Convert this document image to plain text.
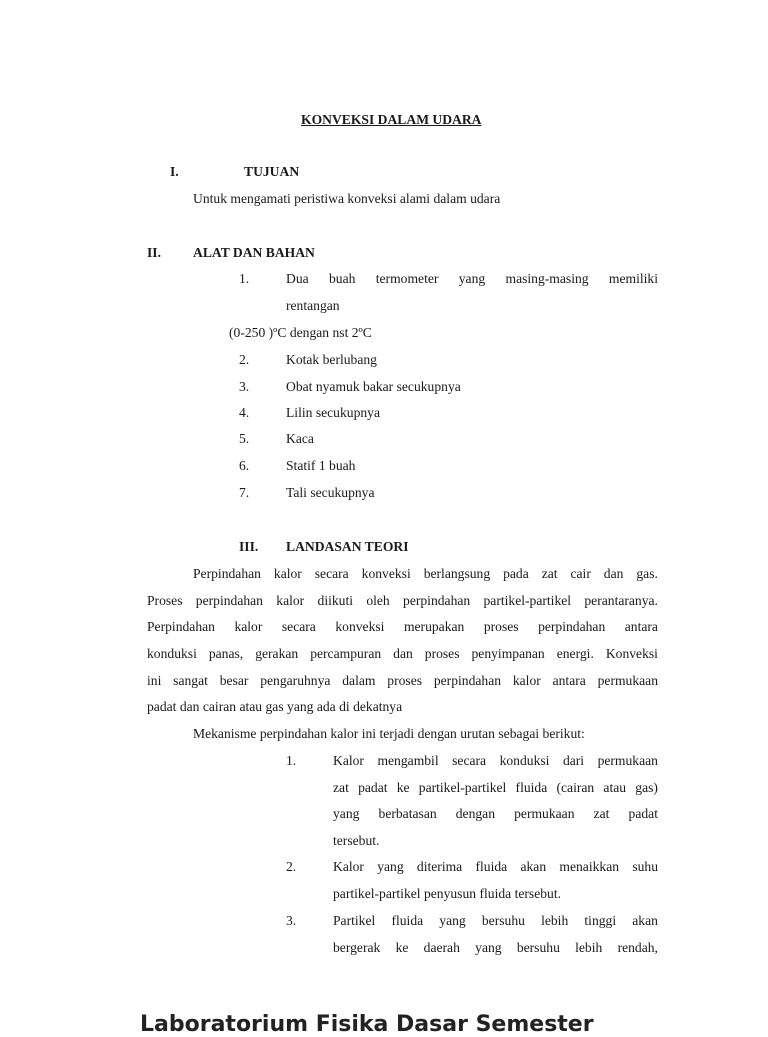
KONVEKSI DALAM UDARA
I.	TUJUAN
Untuk mengamati peristiwa konveksi alami dalam udara
II. ALAT DAN BAHAN
1.	Dua buah termometer yang masing-masing memiliki
rentangan
(0-250 )ºC dengan nst 2ºC
2.	Kotak berlubang
3.	Obat nyamuk bakar secukupnya
4.	Lilin secukupnya
5.	Kaca
6.	Statif 1 buah
7.	Tali secukupnya
III. LANDASAN TEORI
Perpindahan kalor secara konveksi berlangsung pada zat cair dan gas.
Proses perpindahan kalor diikuti oleh perpindahan partikel-partikel perantaranya.
Perpindahan kalor secara konveksi merupakan proses perpindahan antara
konduksi panas, gerakan percampuran dan proses penyimpanan energi. Konveksi
ini sangat besar pengaruhnya dalam proses perpindahan kalor antara permukaan
padat dan cairan atau gas yang ada di dekatnya
Mekanisme perpindahan kalor ini terjadi dengan urutan sebagai berikut:
1.	Kalor mengambil secara konduksi dari permukaan
zat padat ke partikel-partikel fluida (cairan atau gas)
yang berbatasan dengan permukaan zat padat
tersebut.
2.	Kalor yang diterima fluida akan menaikkan suhu
partikel-partikel penyusun fluida tersebut.
3.	Partikel fluida yang bersuhu lebih tinggi akan
bergerak ke daerah yang bersuhu lebih rendah,
Laboratorium Fisika Dasar Semester
